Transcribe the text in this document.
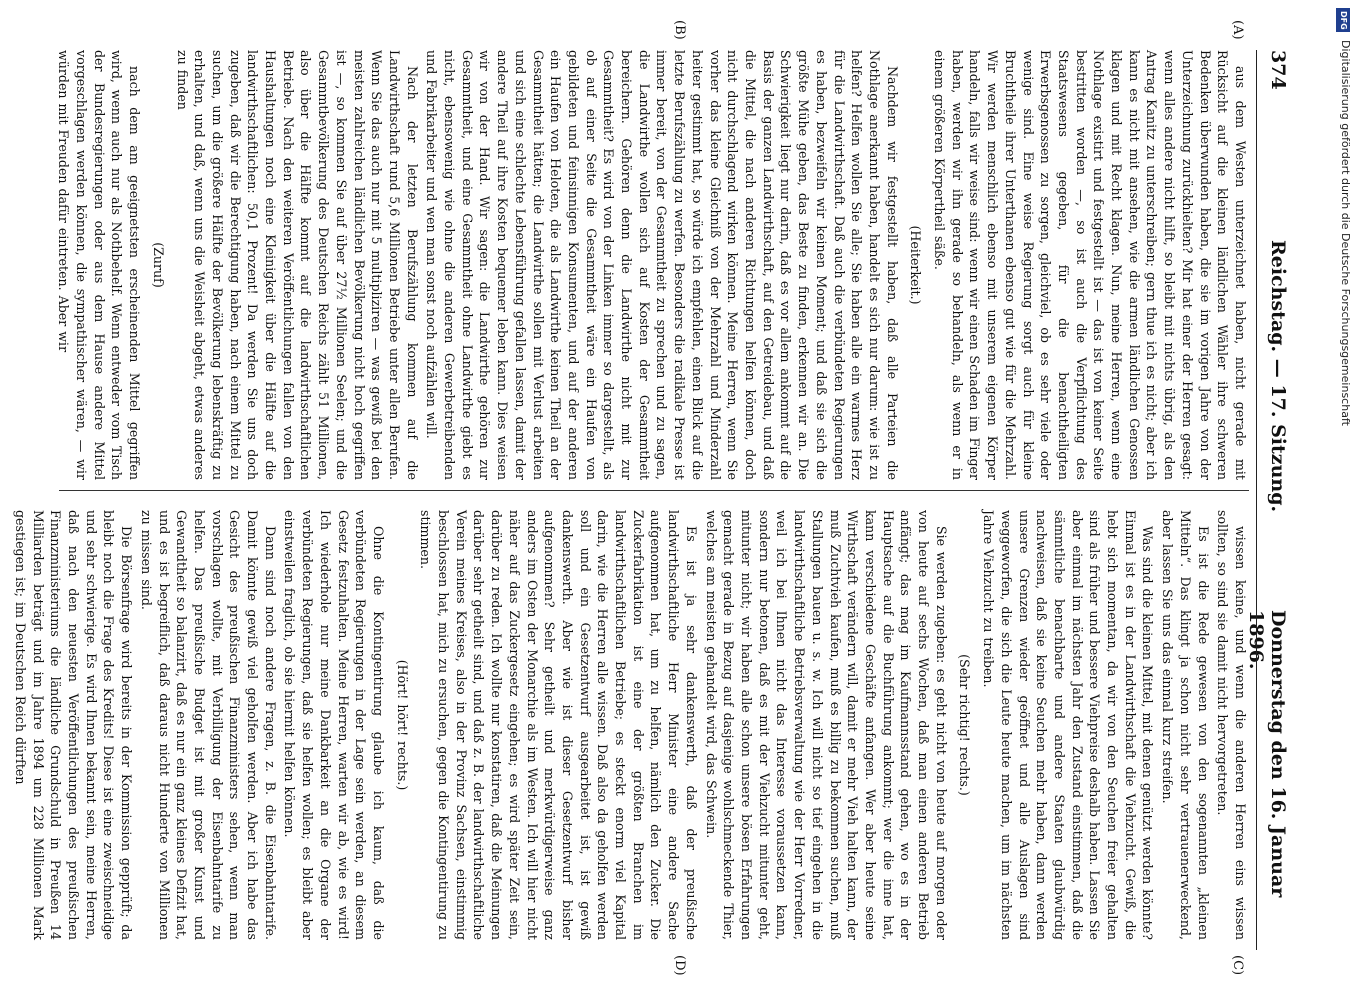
374
Reichstag. — 17. Sitzung.
Donnerstag den 16. Januar 1896.
(A)
(B)
(C)
(D)

aus dem Westen unterzeichnet haben, nicht gerade mit Rücksicht auf die kleinen ländlichen Wähler ihre schweren Bedenken überwunden haben, die sie im vorigen Jahre von der Unterzeichnung zurückhielten? Mir hat einer der Herren gesagt: wenn alles andere nicht hilft, so bleibt mit nichts übrig, als den Antrag Kanitz zu unterschreiben; gern thue ich es nicht; aber ich kann es nicht mit ansehen, wie die armen ländlichen Genossen klagen und mit Recht klagen. Nun, meine Herren, wenn eine Nothlage existirt und festgestellt ist — das ist von keiner Seite bestritten worden —, so ist auch die Verpflichtung des Staatswesens gegeben, für die benachtheiligten Erwerbsgenossen zu sorgen, gleichviel, ob es sehr viele oder wenige sind. Eine weise Regierung sorgt auch für kleine Bruchtheile ihrer Unterthanen ebenso gut wie für die Mehrzahl. Wir werden menschlich ebenso mit unserem eigenen Körper handeln, falls wir weise sind: wenn wir einen Schaden im Finger haben, werden wir ihn gerade so behandeln, als wenn er in einem größeren Körpertheil säße.

(Heiterkeit.)

Nachdem wir festgestellt haben, daß alle Parteien die Nothlage anerkannt haben, handelt es sich nur darum: wie ist zu helfen? Helfen wollen Sie alle; Sie haben alle ein warmes Herz für die Landwirthschaft. Daß auch die verbündeten Regierungen es haben, bezweifeln wir keinen Moment; und daß sie sich die größte Mühe geben, das Beste zu finden, erkennen wir an. Die Schwierigkeit liegt nur darin, daß es vor allem ankommt auf die Basis der ganzen Landwirthschaft, auf den Getreidebau, und daß die Mittel, die nach anderen Richtungen helfen können, doch nicht durchschlagend wirken können. Meine Herren, wenn Sie vorher das kleine Gleichniß von der Mehrzahl und Minderzahl heiter gestimmt hat, so würde ich empfehlen, einen Blick auf die letzte Berufszählung zu werfen. Besonders die radikale Presse ist immer bereit, von der Gesammtheit zu sprechen und zu sagen, die Landwirthe wollen sich auf Kosten der Gesammtheit bereichern. Gehören denn die Landwirthe nicht mit zur Gesammtheit? Es wird von der Linken immer so dargestellt, als ob auf einer Seite die Gesammtheit wäre ein Haufen von gebildeten und feinsinnigen Konsumenten, und auf der anderen ein Haufen von Heloten, die als Landwirthe keinen Theil an der Gesammtheit hätten; die Landwirthe sollen mit Verlust arbeiten und sich eine schlechte Lebensführung gefallen lassen, damit der andere Theil auf ihre Kosten bequemer leben kann. Dies weisen wir von der Hand. Wir sagen: die Landwirthe gehören zur Gesammtheit, und eine Gesammtheit ohne Landwirthe giebt es nicht, ebensowenig wie ohne die anderen Gewerbetreibenden und Fabrikarbeiter und wen man sonst noch aufzählen will.

Nach der letzten Berufszählung kommen auf die Landwirthschaft rund 5,6 Millionen Betriebe unter allen Berufen. Wenn Sie das auch nur mit 5 multipliziren — was gewiß bei den meisten zahlreichen ländlichen Bevölkerung nicht hoch gegriffen ist —, so kommen Sie auf über 27½ Millionen Seelen; und die Gesammtbevölkerung des Deutschen Reichs zählt 51 Millionen, also über die Hälfte kommt auf die landwirthschaftlichen Betriebe. Nach den weiteren Veröffentlichungen fallen von den Haushaltungen noch eine Kleinigkeit über die Hälfte auf die landwirthschaftlichen: 50,1 Prozent! Da werden Sie uns doch zugeben, daß wir die Berechtigung haben, nach einem Mittel zu suchen, um die größere Hälfte der Bevölkerung lebenskräftig zu erhalten, und daß, wenn uns die Weisheit abgeht, etwas anderes zu finden

(Zuruf)

nach dem am geeignetsten erscheinenden Mittel gegriffen wird, wenn auch nur als Nothbehelf. Wenn entweder vom Tisch der Bundesregierungen oder aus dem Hause andere Mittel vorgeschlagen werden können, die sympathischer wären, — wir würden mit Freuden dafür eintreten. Aber wir

wissen keine, und wenn die anderen Herren eins wissen sollten, so sind sie damit nicht hervorgetreten.

Es ist die Rede gewesen von den sogenannten „kleinen Mitteln“. Das klingt ja schon nicht sehr vertrauenerweckend, aber lassen Sie uns das einmal kurz streifen.

Was sind die kleinen Mittel, mit denen genützt werden könnte? Einmal ist es in der Landwirthschaft die Viehzucht. Gewiß, die hebt sich momentan, da wir von den Seuchen freier gehalten sind als früher und bessere Viehpreise deshalb haben. Lassen Sie aber einmal im nächsten Jahr den Zustand einstimmen, daß die sämmtliche benachbarte und andere Staaten glaubwürdig nachweisen, daß sie keine Seuchen mehr haben, dann werden unsere Grenzen wieder geöffnet und alle Auslagen sind weggeworfen, die sich die Leute heute machen, um im nächsten Jahre Viehzucht zu treiben.

(Sehr richtig! rechts.)

Sie werden zugeben: es geht nicht von heute auf morgen oder von heute auf sechs Wochen, daß man einen anderen Betrieb anfängt; das mag im Kaufmannsstand gehen, wo es in der Hauptsache auf die Buchführung ankommt; wer die inne hat, kann verschiedene Geschäfte anfangen. Wer aber heute seine Wirthschaft verändern will, damit er mehr Vieh halten kann, der muß Zuchtvieh kaufen, muß es billig zu bekommen suchen, muß Stallungen bauen u. s. w. Ich will nicht so tief eingehen in die landwirthschaftliche Betriebsverwaltung wie der Herr Vorredner, weil ich bei Ihnen nicht das Interesse voraussetzen kann, sondern nur betonen, daß es mit der Viehzucht mitunter geht, mitunter nicht; wir haben alle schon unsere bösen Erfahrungen gemacht gerade in Bezug auf dasjenige wohlschmeckende Thier, welches am meisten gehandelt wird, das Schwein.

Es ist ja sehr dankenswerth, daß der preußische landwirthschaftliche Herr Minister eine andere Sache aufgenommen hat, um zu helfen, nämlich den Zucker. Die Zuckerfabrikation ist eine der größten Branchen im landwirthschaftlichen Betriebe; es steckt enorm viel Kapital darin, wie die Herren alle wissen. Daß also da geholfen werden soll und ein Gesetzentwurf ausgearbeitet ist, ist gewiß dankenswerth. Aber wie ist dieser Gesetzentwurf bisher aufgenommen? Sehr getheilt und merkwürdigerweise ganz anders im Osten der Monarchie als im Westen. Ich will hier nicht näher auf das Zuckergesetz eingehen; es wird später Zeit sein, darüber zu reden. Ich wollte nur konstatiren, daß die Meinungen darüber sehr getheilt sind, und daß z. B. der landwirthschaftliche Verein meines Kreises, also in der Provinz Sachsen, einstimmig beschlossen hat, mich zu ersuchen, gegen die Kontingentirung zu stimmen.

(Hört! hört! rechts.)

Ohne die Kontingentirung glaube ich kaum, daß die verbündeten Regierungen in der Lage sein werden, an diesem Gesetz festzuhalten. Meine Herren, warten wir ab, wie es wird! Ich wiederhole nur meine Dankbarkeit an die Organe der verbündeten Regierungen, daß sie helfen wollen; es bleibt aber einstweilen fraglich, ob sie hiermit helfen können.

Dann sind noch andere Fragen, z. B. die Eisenbahntarife. Damit könnte gewiß viel geholfen werden. Aber ich habe das Gesicht des preußischen Finanzministers sehen, wenn man vorschlagen wollte, mit Verbilligung der Eisenbahntarife zu helfen. Das preußische Budget ist mit großer Kunst und Gewandtheit so balanzirt, daß es nur ein ganz kleines Defizit hat, und es ist begreiflich, daß daraus nicht Hunderte von Millionen zu missen sind.

Die Börsenfrage wird bereits in der Kommission gepprüft; da bleibt noch die Frage des Kredits! Diese ist eine zweischneidige und sehr schwierige. Es wird Ihnen bekannt sein, meine Herren, daß nach den neuesten Veröffentlichungen des preußischen Finanzministeriums die ländliche Grundschuld in Preußen 14 Milliarden beträgt und im Jahre 1894 um 228 Millionen Mark gestiegen ist; im Deutschen Reich dürften

DFG
Digitalisierung gefördert durch die Deutsche Forschungsgemeinschaft
